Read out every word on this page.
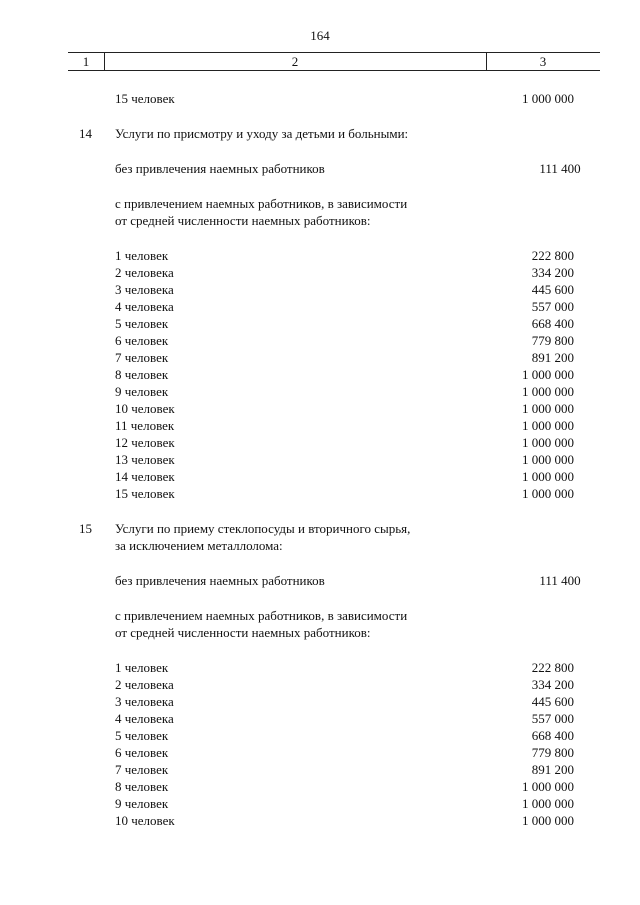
164
1	2	3
15 человек	1 000 000
14 Услуги по присмотру и уходу за детьми и больными:
без привлечения наемных работников	111 400
с привлечением наемных работников, в зависимости
от средней численности наемных работников:
1 человек	222 800
2 человека	334 200
3 человека	445 600
4 человека	557 000
5 человек	668 400
6 человек	779 800
7 человек	891 200
8 человек	1 000 000
9 человек	1 000 000
10 человек	1 000 000
11 человек	1 000 000
12 человек	1 000 000
13 человек	1 000 000
14 человек	1 000 000
15 человек	1 000 000
15 Услуги по приему стеклопосуды и вторичного сырья,
за исключением металлолома:
без привлечения наемных работников	111 400
с привлечением наемных работников, в зависимости
от средней численности наемных работников:
1 человек	222 800
2 человека	334 200
3 человека	445 600
4 человека	557 000
5 человек	668 400
6 человек	779 800
7 человек	891 200
8 человек	1 000 000
9 человек	1 000 000
10 человек	1 000 000
